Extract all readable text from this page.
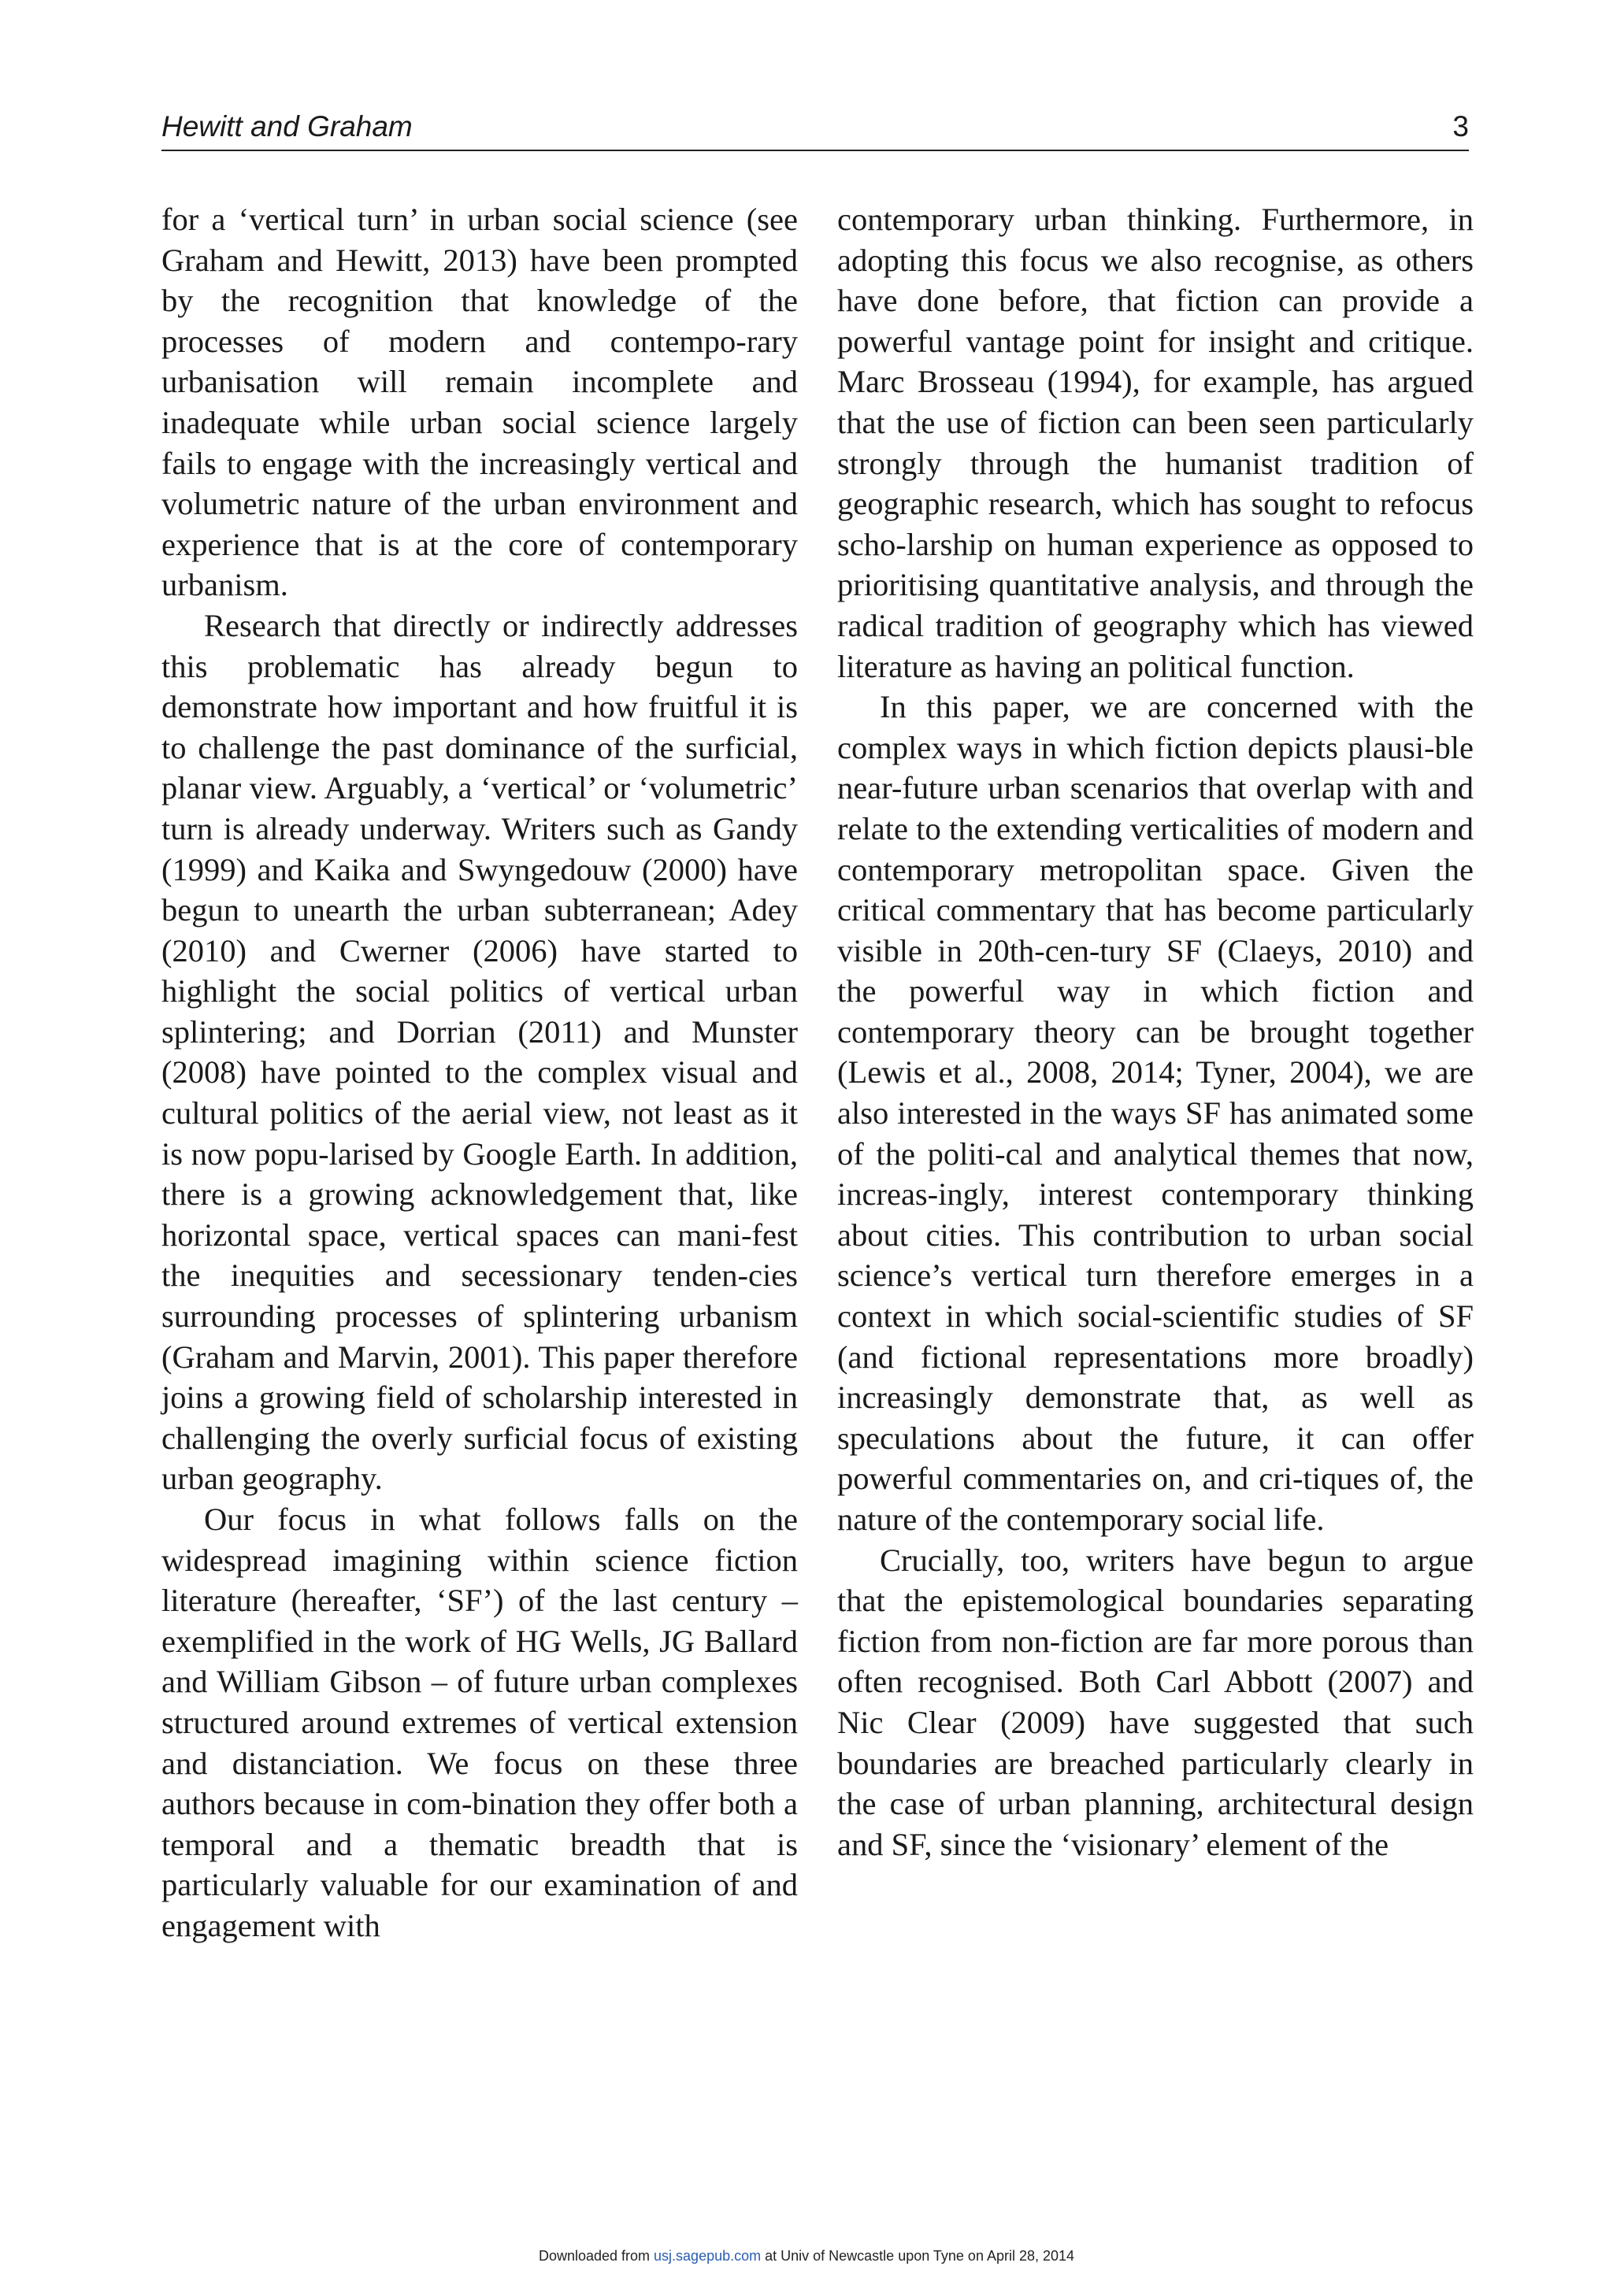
Hewitt and Graham	3

for a ‘vertical turn’ in urban social science (see Graham and Hewitt, 2013) have been prompted by the recognition that knowledge of the processes of modern and contempo-rary urbanisation will remain incomplete and inadequate while urban social science largely fails to engage with the increasingly vertical and volumetric nature of the urban environment and experience that is at the core of contemporary urbanism.

Research that directly or indirectly addresses this problematic has already begun to demonstrate how important and how fruitful it is to challenge the past dominance of the surficial, planar view. Arguably, a ‘vertical’ or ‘volumetric’ turn is already underway. Writers such as Gandy (1999) and Kaika and Swyngedouw (2000) have begun to unearth the urban subterranean; Adey (2010) and Cwerner (2006) have started to highlight the social politics of vertical urban splintering; and Dorrian (2011) and Munster (2008) have pointed to the complex visual and cultural politics of the aerial view, not least as it is now popu-larised by Google Earth. In addition, there is a growing acknowledgement that, like horizontal space, vertical spaces can mani-fest the inequities and secessionary tenden-cies surrounding processes of splintering urbanism (Graham and Marvin, 2001). This paper therefore joins a growing field of scholarship interested in challenging the overly surficial focus of existing urban geography.

Our focus in what follows falls on the widespread imagining within science fiction literature (hereafter, ‘SF’) of the last century – exemplified in the work of HG Wells, JG Ballard and William Gibson – of future urban complexes structured around extremes of vertical extension and distanciation. We focus on these three authors because in com-bination they offer both a temporal and a thematic breadth that is particularly valuable for our examination of and engagement with

contemporary urban thinking. Furthermore, in adopting this focus we also recognise, as others have done before, that fiction can provide a powerful vantage point for insight and critique. Marc Brosseau (1994), for example, has argued that the use of fiction can been seen particularly strongly through the humanist tradition of geographic research, which has sought to refocus scho-larship on human experience as opposed to prioritising quantitative analysis, and through the radical tradition of geography which has viewed literature as having an political function.

In this paper, we are concerned with the complex ways in which fiction depicts plausi-ble near-future urban scenarios that overlap with and relate to the extending verticalities of modern and contemporary metropolitan space. Given the critical commentary that has become particularly visible in 20th-cen-tury SF (Claeys, 2010) and the powerful way in which fiction and contemporary theory can be brought together (Lewis et al., 2008, 2014; Tyner, 2004), we are also interested in the ways SF has animated some of the politi-cal and analytical themes that now, increas-ingly, interest contemporary thinking about cities. This contribution to urban social science’s vertical turn therefore emerges in a context in which social-scientific studies of SF (and fictional representations more broadly) increasingly demonstrate that, as well as speculations about the future, it can offer powerful commentaries on, and cri-tiques of, the nature of the contemporary social life.

Crucially, too, writers have begun to argue that the epistemological boundaries separating fiction from non-fiction are far more porous than often recognised. Both Carl Abbott (2007) and Nic Clear (2009) have suggested that such boundaries are breached particularly clearly in the case of urban planning, architectural design and SF, since the ‘visionary’ element of the

Downloaded from usj.sagepub.com at Univ of Newcastle upon Tyne on April 28, 2014
